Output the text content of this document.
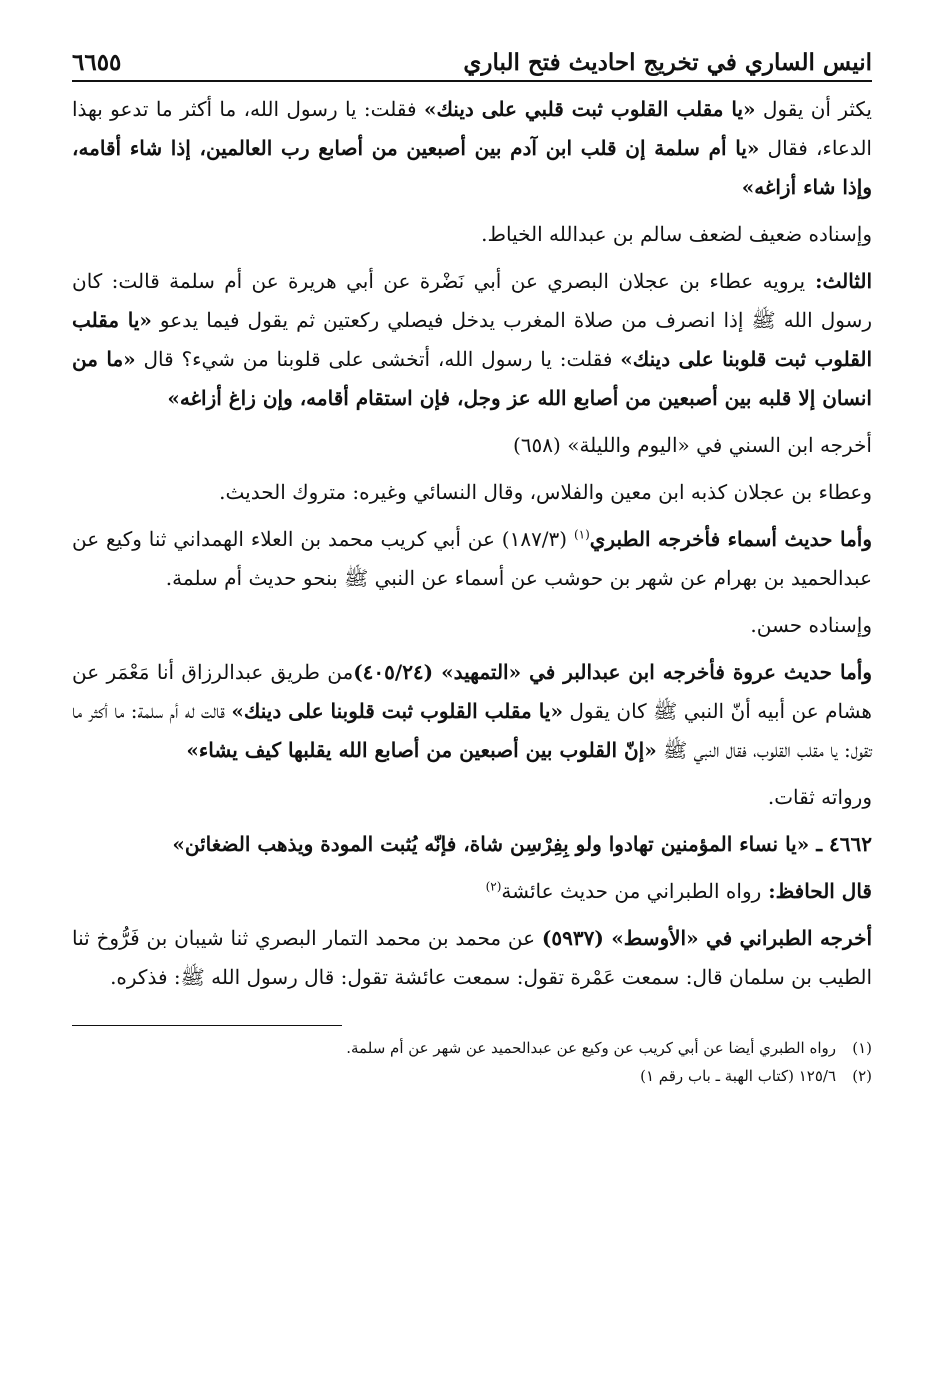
انيس الساري في تخريج احاديث فتح الباري
٦٦٥٥

يكثر أن يقول «يا مقلب القلوب ثبت قلبي على دينك» فقلت: يا رسول الله، ما أكثر ما تدعو بهذا الدعاء، فقال «يا أم سلمة إن قلب ابن آدم بين أصبعين من أصابع رب العالمين، إذا شاء أقامه، وإذا شاء أزاغه»

وإسناده ضعيف لضعف سالم بن عبدالله الخياط.

الثالث: يرويه عطاء بن عجلان البصري عن أبي نَضْرة عن أبي هريرة عن أم سلمة قالت: كان رسول الله ﷺ إذا انصرف من صلاة المغرب يدخل فيصلي ركعتين ثم يقول فيما يدعو «يا مقلب القلوب ثبت قلوبنا على دينك» فقلت: يا رسول الله، أتخشى على قلوبنا من شيء؟ قال «ما من انسان إلا قلبه بين أصبعين من أصابع الله عز وجل، فإن استقام أقامه، وإن زاغ أزاغه»

أخرجه ابن السني في «اليوم والليلة» (٦٥٨)

وعطاء بن عجلان كذبه ابن معين والفلاس، وقال النسائي وغيره: متروك الحديث.

وأما حديث أسماء فأخرجه الطبري$^{(١)}$ (١٨٧/٣) عن أبي كريب محمد بن العلاء الهمداني ثنا وكيع عن عبدالحميد بن بهرام عن شهر بن حوشب عن أسماء عن النبي ﷺ بنحو حديث أم سلمة.

وإسناده حسن.

وأما حديث عروة فأخرجه ابن عبدالبر في «التمهيد» (٤٠٥/٢٤)من طريق عبدالرزاق أنا مَعْمَر عن هشام عن أبيه أنّ النبي ﷺ كان يقول «يا مقلب القلوب ثبت قلوبنا على دينك» قالت له أم سلمة: ما أكثر ما تقول: يا مقلب القلوب، فقال النبي ﷺ «إنّ القلوب بين أصبعين من أصابع الله يقلبها كيف يشاء»

ورواته ثقات.

٤٦٦٢ ـ «يا نساء المؤمنين تهادوا ولو بِفِرْسِن شاة، فإنّه يُثبت المودة ويذهب الضغائن»

قال الحافظ: رواه الطبراني من حديث عائشة$^{(٢)}$

أخرجه الطبراني في «الأوسط» (٥٩٣٧) عن محمد بن محمد التمار البصري ثنا شيبان بن فَرُّوخ ثنا الطيب بن سلمان قال: سمعت عَمْرة تقول: سمعت عائشة تقول: قال رسول الله ﷺ: فذكره.

(١)رواه الطبري أيضا عن أبي كريب عن وكيع عن عبدالحميد عن شهر عن أم سلمة.
(٢)١٢٥/٦ (كتاب الهبة ـ باب رقم ١)
